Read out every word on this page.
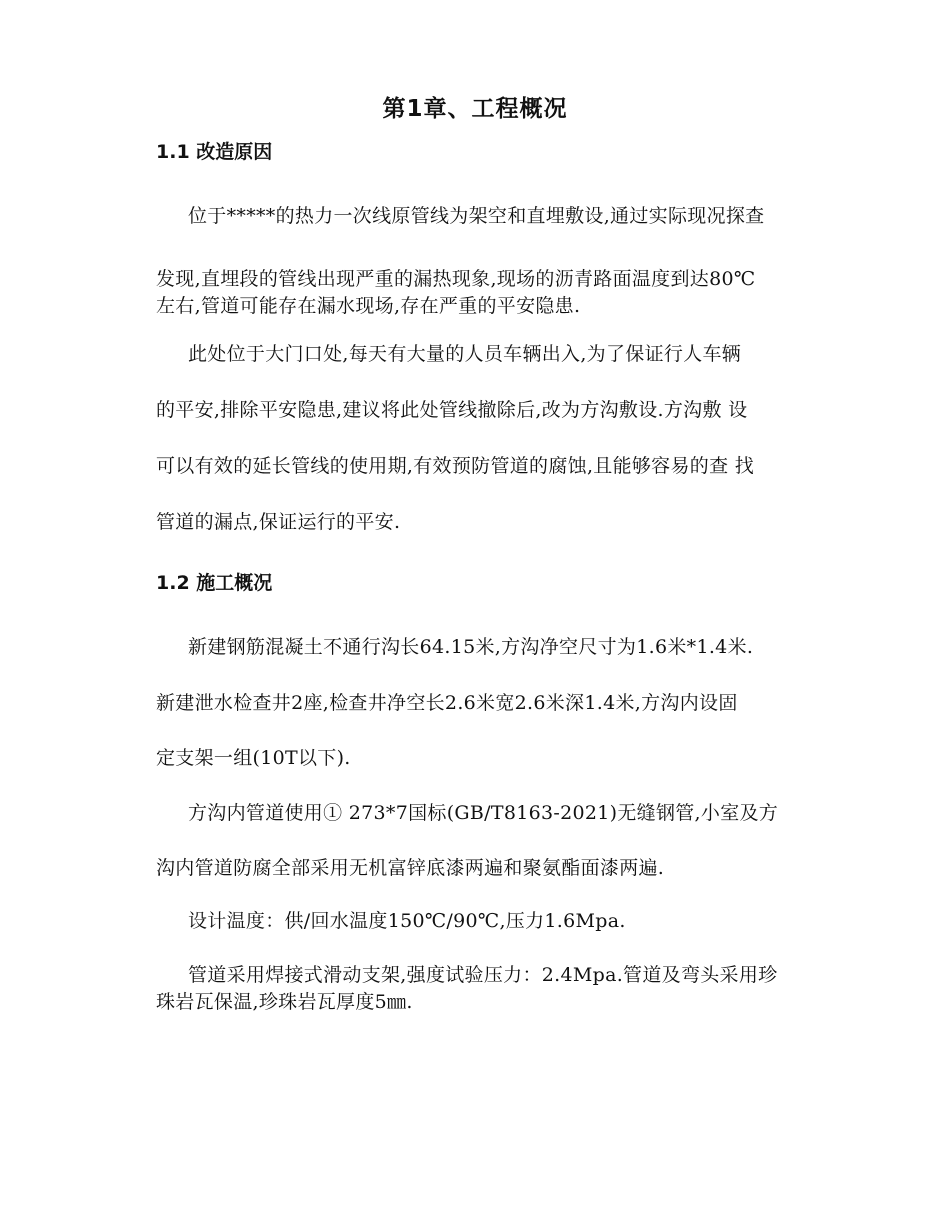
第1章、工程概况
1.1 改造原因
位于*****的热力一次线原管线为架空和直埋敷设,通过实际现况探查
发现,直埋段的管线出现严重的漏热现象,现场的沥青路面温度到达80℃
左右,管道可能存在漏水现场,存在严重的平安隐患.
此处位于大门口处,每天有大量的人员车辆出入,为了保证行人车辆
的平安,排除平安隐患,建议将此处管线撤除后,改为方沟敷设.方沟敷 设
可以有效的延长管线的使用期,有效预防管道的腐蚀,且能够容易的查 找
管道的漏点,保证运行的平安.
1.2 施工概况
新建钢筋混凝土不通行沟长64.15米,方沟净空尺寸为1.6米*1.4米.
新建泄水检查井2座,检查井净空长2.6米宽2.6米深1.4米,方沟内设固
定支架一组(10T以下).
方沟内管道使用① 273*7国标(GB/T8163-2021)无缝钢管,小室及方
沟内管道防腐全部采用无机富锌底漆两遍和聚氨酯面漆两遍.
设计温度：供/回水温度150℃/90℃,压力1.6Mpa.
管道采用焊接式滑动支架,强度试验压力：2.4Mpa.管道及弯头采用珍
珠岩瓦保温,珍珠岩瓦厚度5㎜.
